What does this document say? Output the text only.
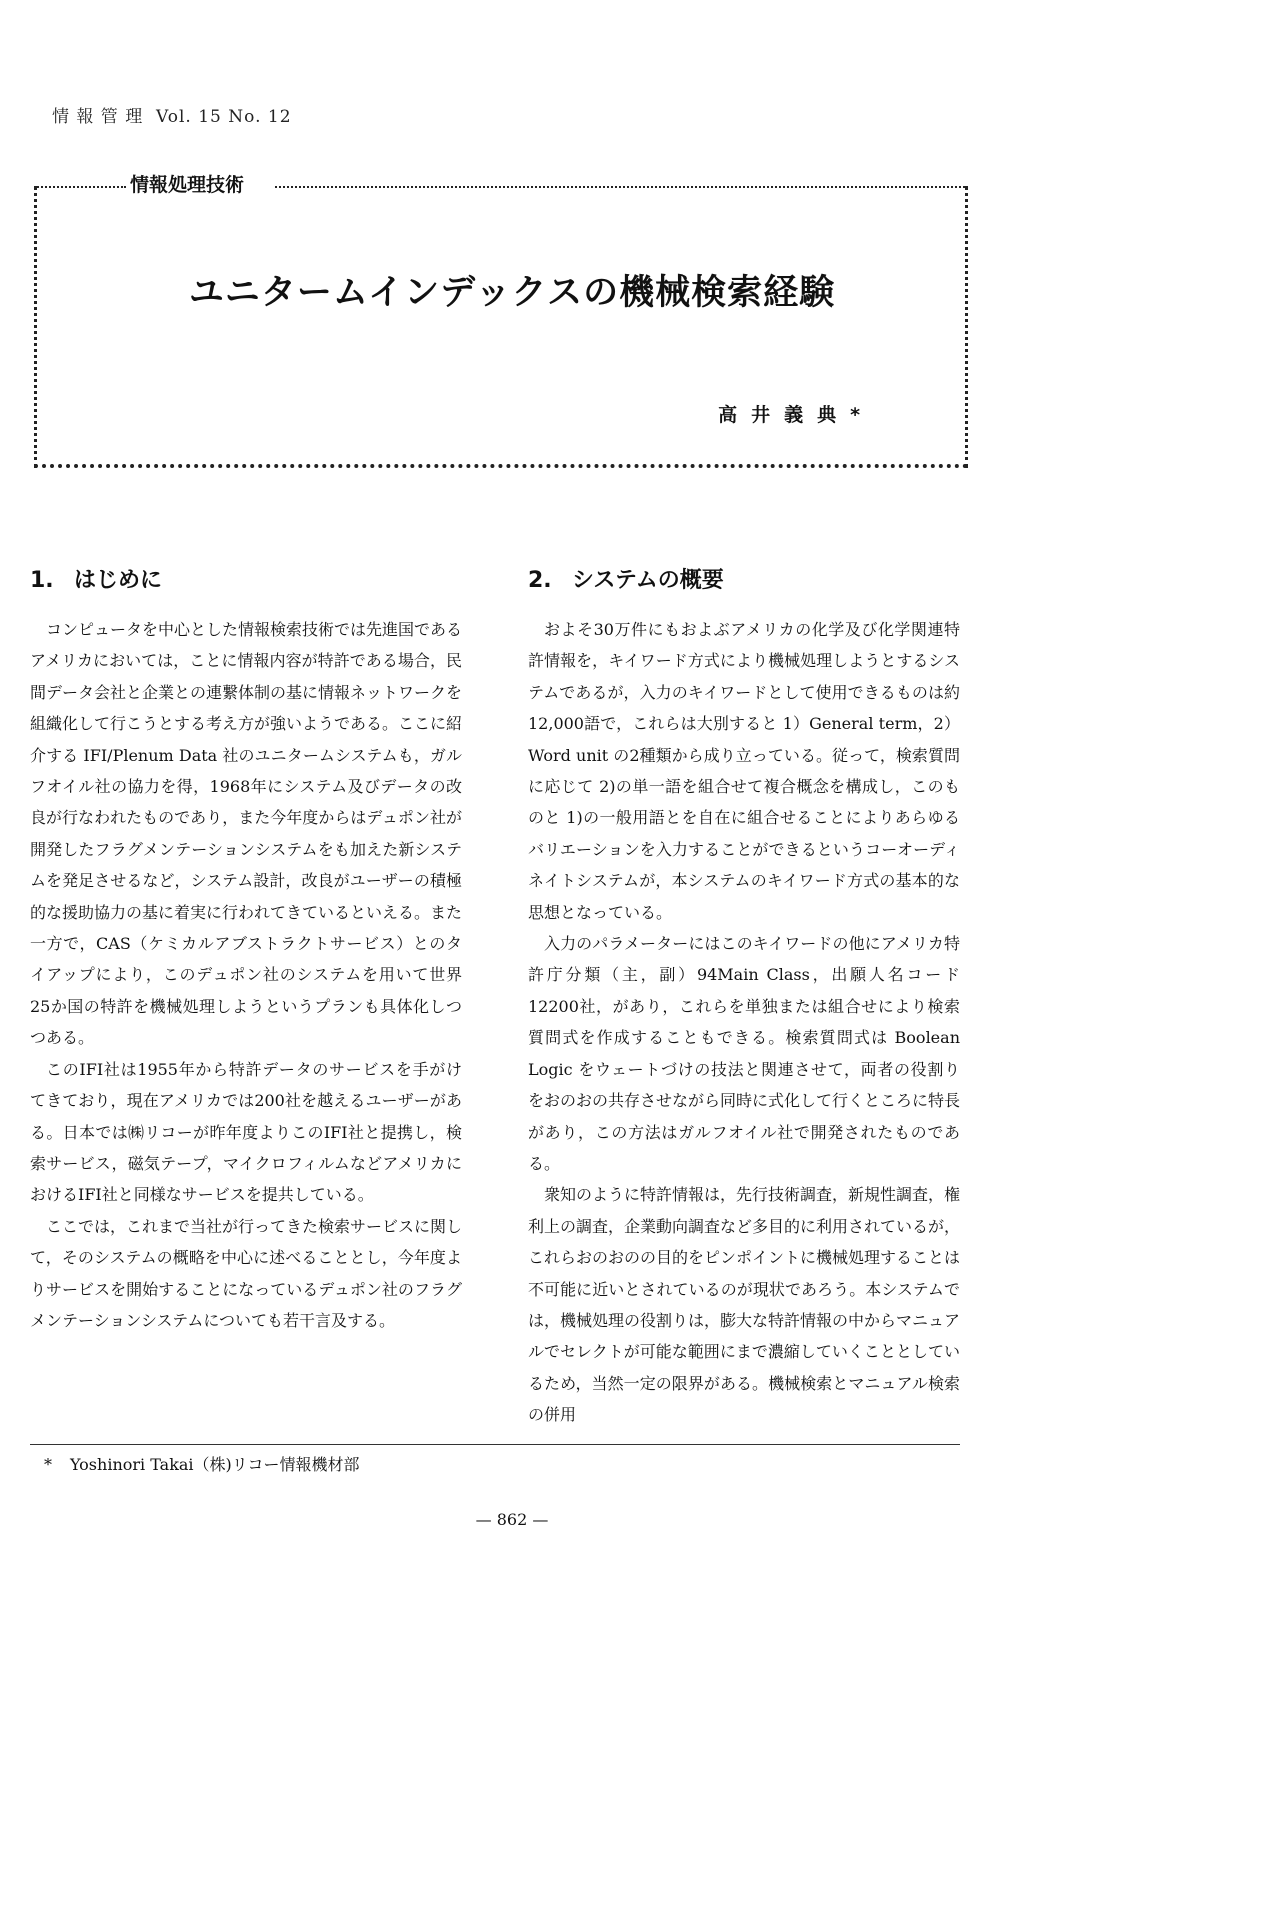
情 報 管 理 Vol. 15 No. 12
情報処理技術
ユニタームインデックスの機械検索経験
高井義典*
1. はじめに

コンピュータを中心とした情報検索技術では先進国であるアメリカにおいては，ことに情報内容が特許である場合，民間データ会社と企業との連繋体制の基に情報ネットワークを組織化して行こうとする考え方が強いようである。ここに紹介する IFI/Plenum Data 社のユニタームシステムも，ガルフオイル社の協力を得，1968年にシステム及びデータの改良が行なわれたものであり，また今年度からはデュポン社が開発したフラグメンテーションシステムをも加えた新システムを発足させるなど，システム設計，改良がユーザーの積極的な援助協力の基に着実に行われてきているといえる。また一方で，CAS（ケミカルアブストラクトサービス）とのタイアップにより，このデュポン社のシステムを用いて世界25か国の特許を機械処理しようというプランも具体化しつつある。

このIFI社は1955年から特許データのサービスを手がけてきており，現在アメリカでは200社を越えるユーザーがある。日本では㈱リコーが昨年度よりこのIFI社と提携し，検索サービス，磁気テープ，マイクロフィルムなどアメリカにおけるIFI社と同様なサービスを提共している。

ここでは，これまで当社が行ってきた検索サービスに関して，そのシステムの概略を中心に述べることとし，今年度よりサービスを開始することになっているデュポン社のフラグメンテーションシステムについても若干言及する。

2. システムの概要

およそ30万件にもおよぶアメリカの化学及び化学関連特許情報を，キイワード方式により機械処理しようとするシステムであるが，入力のキイワードとして使用できるものは約12,000語で，これらは大別すると 1）General term，2）Word unit の2種類から成り立っている。従って，検索質問に応じて 2)の単一語を組合せて複合概念を構成し，このものと 1)の一般用語とを自在に組合せることによりあらゆるバリエーションを入力することができるというコーオーディネイトシステムが，本システムのキイワード方式の基本的な思想となっている。

入力のパラメーターにはこのキイワードの他にアメリカ特許庁分類（主，副）94Main Class，出願人名コード12200社，があり，これらを単独または組合せにより検索質問式を作成することもできる。検索質問式は Boolean Logic をウェートづけの技法と関連させて，両者の役割りをおのおの共存させながら同時に式化して行くところに特長があり，この方法はガルフオイル社で開発されたものである。

衆知のように特許情報は，先行技術調査，新規性調査，権利上の調査，企業動向調査など多目的に利用されているが，これらおのおのの目的をピンポイントに機械処理することは不可能に近いとされているのが現状であろう。本システムでは，機械処理の役割りは，膨大な特許情報の中からマニュアルでセレクトが可能な範囲にまで濃縮していくこととしているため，当然一定の限界がある。機械検索とマニュアル検索の併用

* Yoshinori Takai（株)リコー情報機材部
— 862 —
